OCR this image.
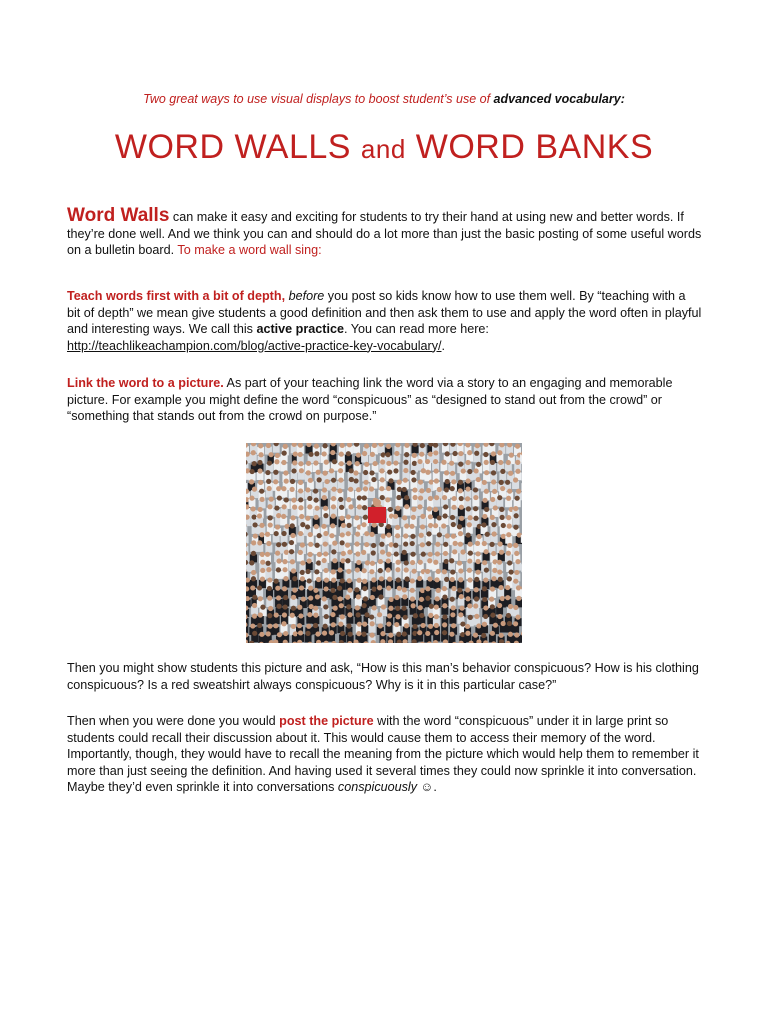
Two great ways to use visual displays to boost student’s use of advanced vocabulary:
WORD WALLS and WORD BANKS
Word Walls can make it easy and exciting for students to try their hand at using new and better words. If they’re done well. And we think you can and should do a lot more than just the basic posting of some useful words on a bulletin board. To make a word wall sing:
Teach words first with a bit of depth, before you post so kids know how to use them well. By “teaching with a bit of depth” we mean give students a good definition and then ask them to use and apply the word often in playful and interesting ways. We call this active practice. You can read more here: http://teachlikeachampion.com/blog/active-practice-key-vocabulary/.
Link the word to a picture. As part of your teaching link the word via a story to an engaging and memorable picture. For example you might define the word “conspicuous” as “designed to stand out from the crowd” or “something that stands out from the crowd on purpose.”
Then you might show students this picture and ask, “How is this man’s behavior conspicuous? How is his clothing conspicuous? Is a red sweatshirt always conspicuous? Why is it in this particular case?”
Then when you were done you would post the picture with the word “conspicuous” under it in large print so students could recall their discussion about it. This would cause them to access their memory of the word. Importantly, though, they would have to recall the meaning from the picture which would help them to remember it more than just seeing the definition. And having used it several times they could now sprinkle it into conversation. Maybe they’d even sprinkle it into conversations conspicuously ☺.
